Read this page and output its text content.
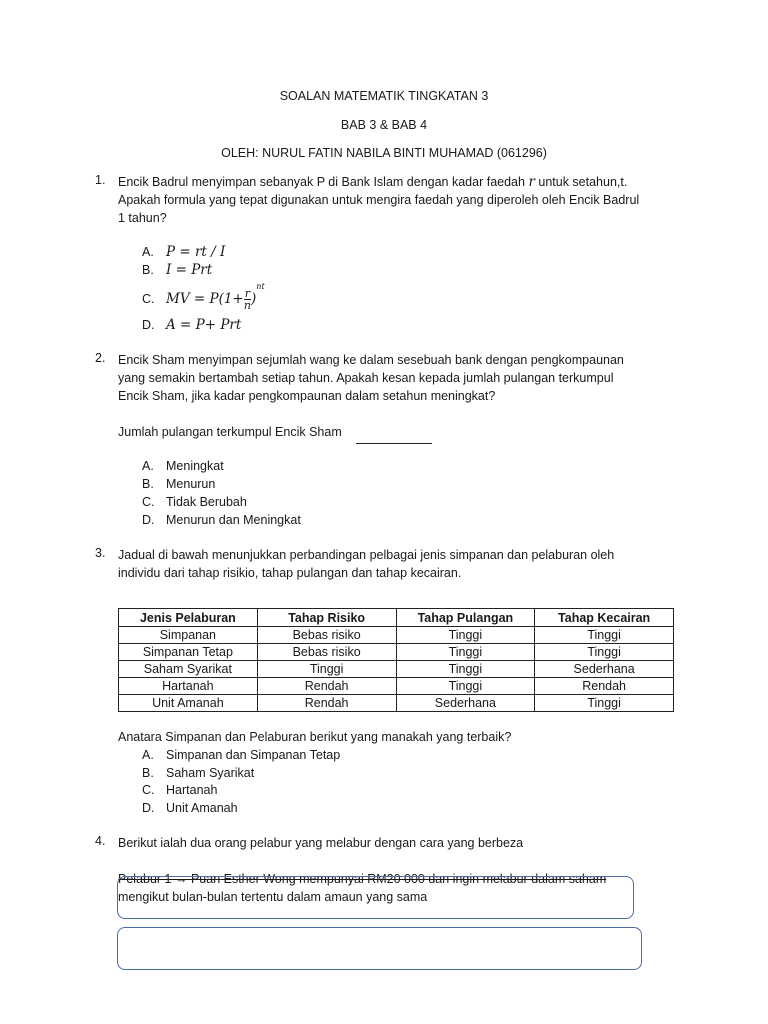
SOALAN MATEMATIK TINGKATAN 3
BAB 3 & BAB 4
OLEH: NURUL FATIN NABILA BINTI MUHAMAD (061296)
1. Encik Badrul menyimpan sebanyak P di Bank Islam dengan kadar faedah r untuk setahun,t.
Apakah formula yang tepat digunakan untuk mengira faedah yang diperoleh oleh Encik Badrul
1 tahun?
A. P = rt / I
B. I = Prt
C. MV = $P(1+ \frac{r}{n} )^{nt}$
D. A = P+ Prt
2. Encik Sham menyimpan sejumlah wang ke dalam sesebuah bank dengan pengkompaunan
yang semakin bertambah setiap tahun. Apakah kesan kepada jumlah pulangan terkumpul
Encik Sham, jika kadar pengkompaunan dalam setahun meningkat?
Jumlah pulangan terkumpul Encik Sham
A. Meningkat
B. Menurun
C. Tidak Berubah
D. Menurun dan Meningkat
3. Jadual di bawah menunjukkan perbandingan pelbagai jenis simpanan dan pelaburan oleh
individu dari tahap risikio, tahap pulangan dan tahap kecairan.
Jenis Pelaburan	Tahap Risiko	Tahap Pulangan	Tahap Kecairan
Simpanan	Bebas risiko	Tinggi	Tinggi
Simpanan Tetap	Bebas risiko	Tinggi	Tinggi
Saham Syarikat	Tinggi	Tinggi	Sederhana
Hartanah	Rendah	Tinggi	Rendah
Unit Amanah	Rendah	Sederhana	Tinggi
Anatara Simpanan dan Pelaburan berikut yang manakah yang terbaik?
A. Simpanan dan Simpanan Tetap
B. Saham Syarikat
C. Hartanah
D. Unit Amanah
4. Berikut ialah dua orang pelabur yang melabur dengan cara yang berbeza
Pelabur 1 → Puan Esther Wong mempunyai RM20 000 dan ingin melabur dalam saham
mengikut bulan-bulan tertentu dalam amaun yang sama
